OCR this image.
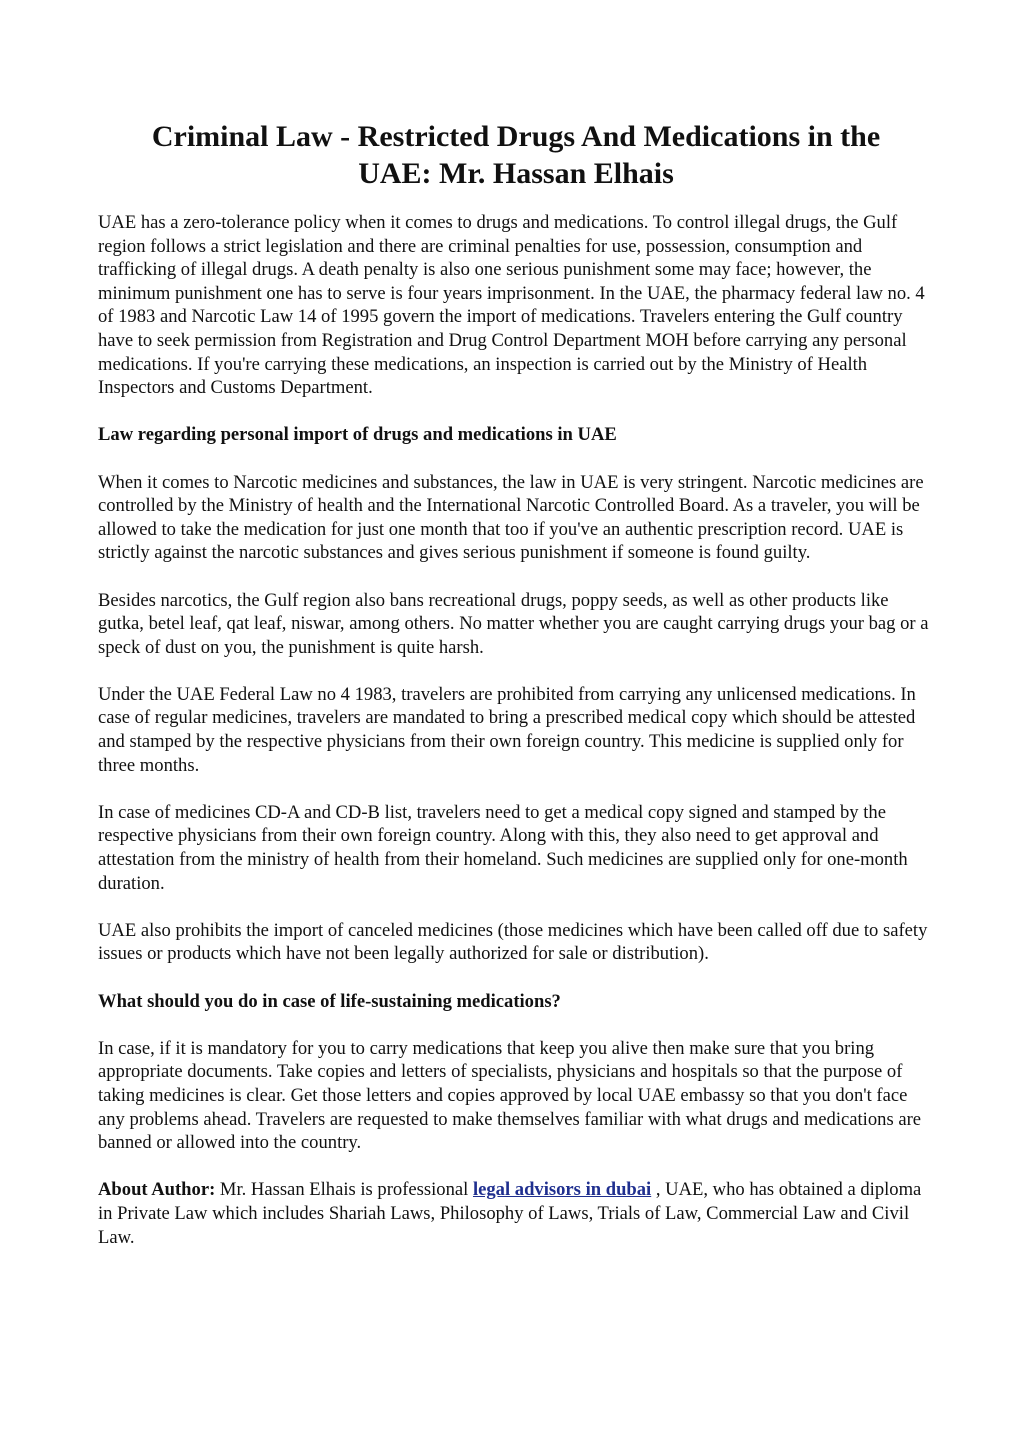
Criminal Law - Restricted Drugs And Medications in the UAE: Mr. Hassan Elhais

UAE has a zero-tolerance policy when it comes to drugs and medications. To control illegal drugs, the Gulf region follows a strict legislation and there are criminal penalties for use, possession, consumption and trafficking of illegal drugs. A death penalty is also one serious punishment some may face; however, the minimum punishment one has to serve is four years imprisonment. In the UAE, the pharmacy federal law no. 4 of 1983 and Narcotic Law 14 of 1995 govern the import of medications. Travelers entering the Gulf country have to seek permission from Registration and Drug Control Department MOH before carrying any personal medications. If you're carrying these medications, an inspection is carried out by the Ministry of Health Inspectors and Customs Department.

Law regarding personal import of drugs and medications in UAE

When it comes to Narcotic medicines and substances, the law in UAE is very stringent. Narcotic medicines are controlled by the Ministry of health and the International Narcotic Controlled Board. As a traveler, you will be allowed to take the medication for just one month that too if you've an authentic prescription record. UAE is strictly against the narcotic substances and gives serious punishment if someone is found guilty.

Besides narcotics, the Gulf region also bans recreational drugs, poppy seeds, as well as other products like gutka, betel leaf, qat leaf, niswar, among others. No matter whether you are caught carrying drugs your bag or a speck of dust on you, the punishment is quite harsh.

Under the UAE Federal Law no 4 1983, travelers are prohibited from carrying any unlicensed medications. In case of regular medicines, travelers are mandated to bring a prescribed medical copy which should be attested and stamped by the respective physicians from their own foreign country. This medicine is supplied only for three months.

In case of medicines CD-A and CD-B list, travelers need to get a medical copy signed and stamped by the respective physicians from their own foreign country. Along with this, they also need to get approval and attestation from the ministry of health from their homeland. Such medicines are supplied only for one-month duration.

UAE also prohibits the import of canceled medicines (those medicines which have been called off due to safety issues or products which have not been legally authorized for sale or distribution).

What should you do in case of life-sustaining medications?

In case, if it is mandatory for you to carry medications that keep you alive then make sure that you bring appropriate documents. Take copies and letters of specialists, physicians and hospitals so that the purpose of taking medicines is clear. Get those letters and copies approved by local UAE embassy so that you don't face any problems ahead. Travelers are requested to make themselves familiar with what drugs and medications are banned or allowed into the country.

About Author: Mr. Hassan Elhais is professional legal advisors in dubai , UAE, who has obtained a diploma in Private Law which includes Shariah Laws, Philosophy of Laws, Trials of Law, Commercial Law and Civil Law.
